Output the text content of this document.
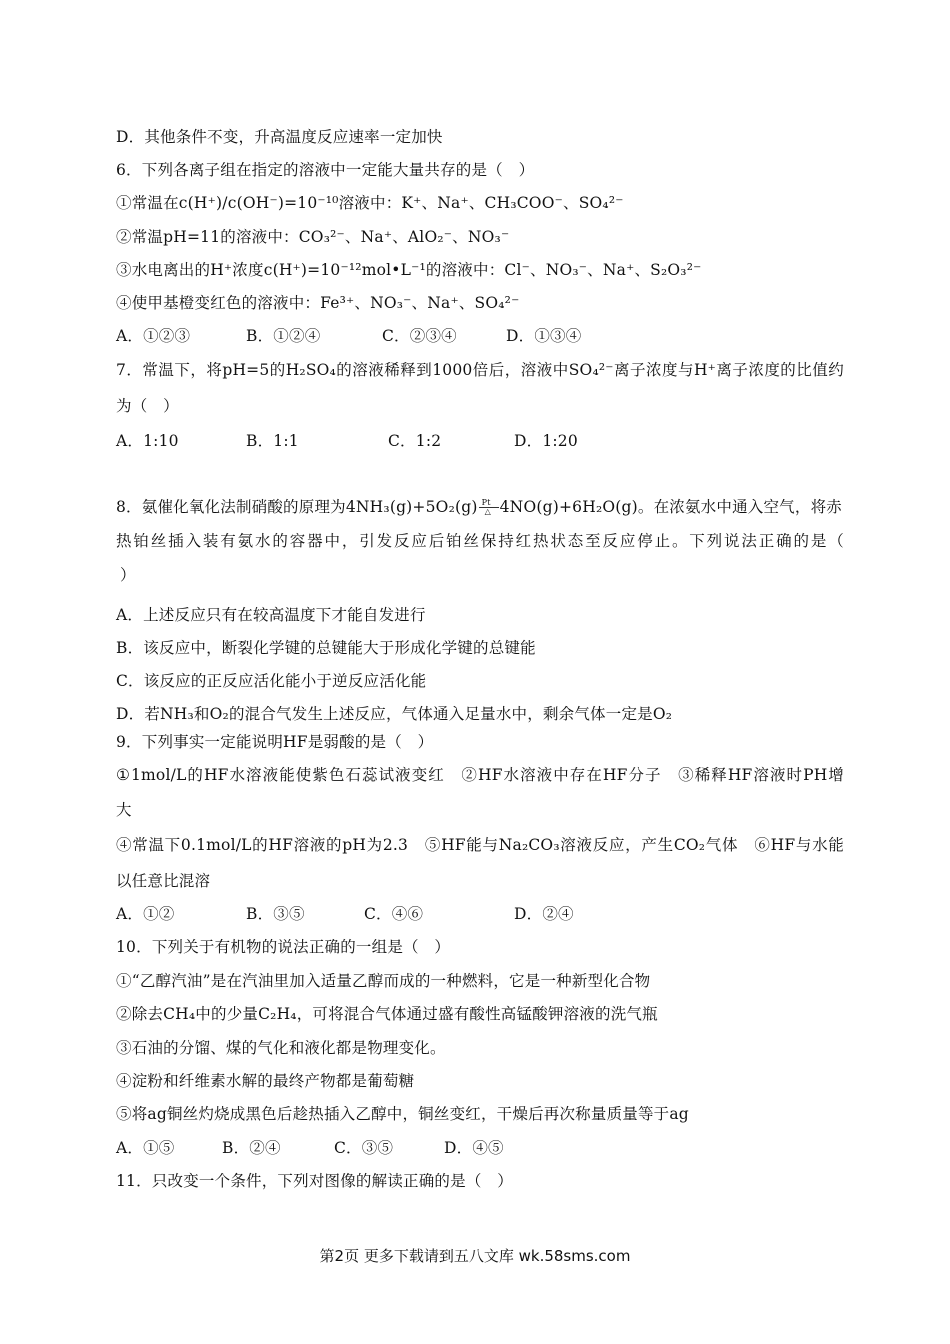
D．其他条件不变，升高温度反应速率一定加快
6．下列各离子组在指定的溶液中一定能大量共存的是（　）
①常温在c(H⁺)/c(OH⁻)=10⁻¹⁰溶液中：K⁺、Na⁺、CH₃COO⁻、SO₄²⁻
②常温pH=11的溶液中：CO₃²⁻、Na⁺、AlO₂⁻、NO₃⁻
③水电离出的H⁺浓度c(H⁺)=10⁻¹²mol•L⁻¹的溶液中：Cl⁻、NO₃⁻、Na⁺、S₂O₃²⁻
④使甲基橙变红色的溶液中：Fe³⁺、NO₃⁻、Na⁺、SO₄²⁻
A．①②③	B．①②④	C．②③④	D．①③④
7．常温下，将pH=5的H₂SO₄的溶液稀释到1000倍后，溶液中SO₄²⁻离子浓度与H⁺离子浓度的比值约
为（　）
A．1:10	B．1:1	C．1:2	D．1:20
8．氨催化氧化法制硝酸的原理为4NH₃(g)+5O₂(g) Pt
△ 4NO(g)+6H₂O(g)。在浓氨水中通入空气，将赤
热铂丝插入装有氨水的容器中，引发反应后铂丝保持红热状态至反应停止。下列说法正确的是（
）
A．上述反应只有在较高温度下才能自发进行
B．该反应中，断裂化学键的总键能大于形成化学键的总键能
C．该反应的正反应活化能小于逆反应活化能
D．若NH₃和O₂的混合气发生上述反应，气体通入足量水中，剩余气体一定是O₂
9．下列事实一定能说明HF是弱酸的是（　）
①1mol/L的HF水溶液能使紫色石蕊试液变红　②HF水溶液中存在HF分子　③稀释HF溶液时PH增
大
④常温下0.1mol/L的HF溶液的pH为2.3　⑤HF能与Na₂CO₃溶液反应，产生CO₂气体　⑥HF与水能
以任意比混溶
A．①②	B．③⑤	C．④⑥	D．②④
10．下列关于有机物的说法正确的一组是（　）
①“乙醇汽油”是在汽油里加入适量乙醇而成的一种燃料，它是一种新型化合物
②除去CH₄中的少量C₂H₄，可将混合气体通过盛有酸性高锰酸钾溶液的洗气瓶
③石油的分馏、煤的气化和液化都是物理变化。
④淀粉和纤维素水解的最终产物都是葡萄糖
⑤将ag铜丝灼烧成黑色后趁热插入乙醇中，铜丝变红，干燥后再次称量质量等于ag
A．①⑤	B．②④	C．③⑤	D．④⑤
11．只改变一个条件，下列对图像的解读正确的是（　）
第2页 更多下载请到五八文库 wk.58sms.com
